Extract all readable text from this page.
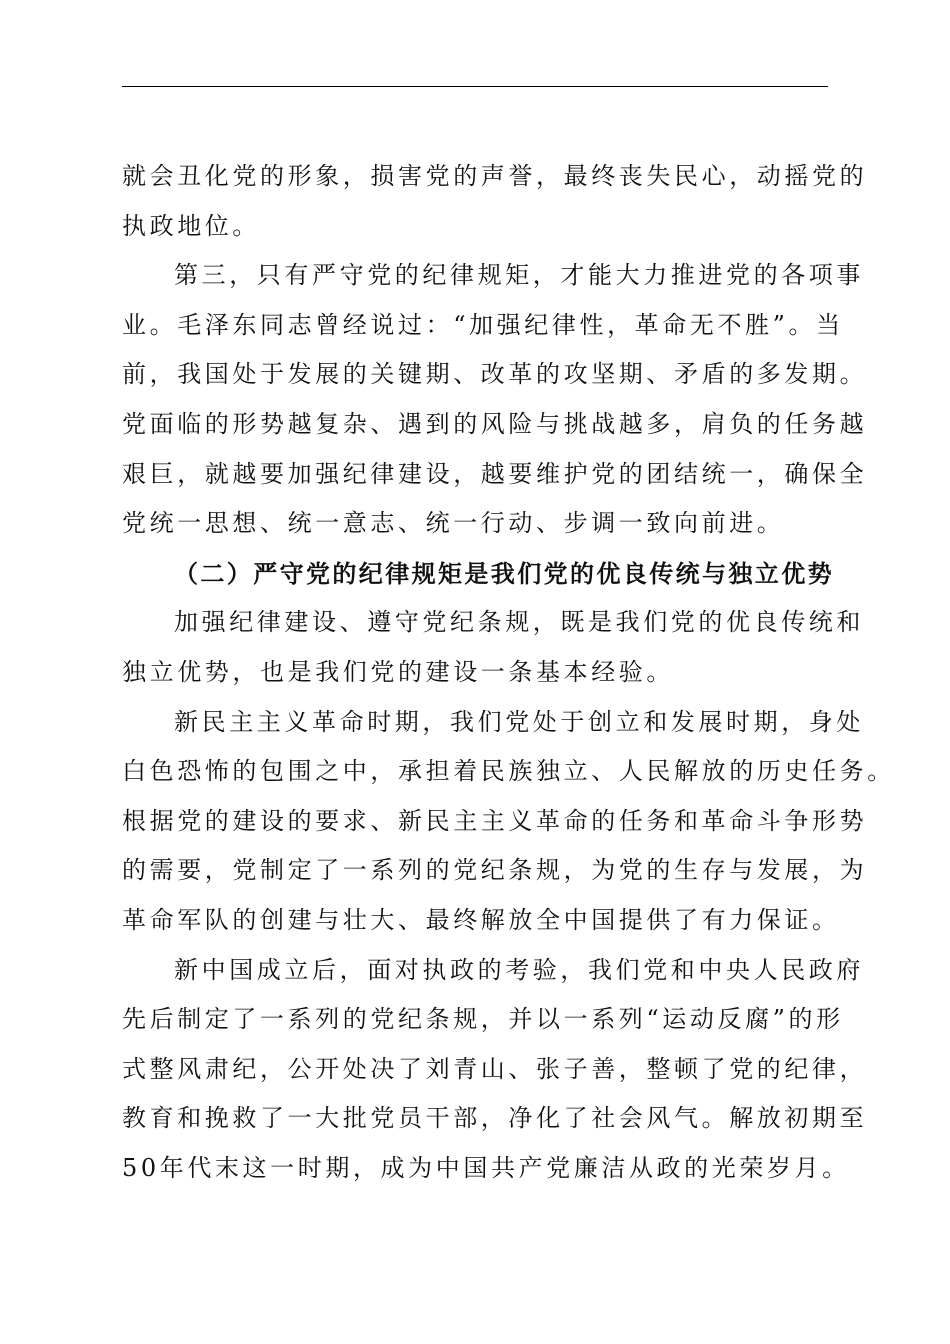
就会丑化党的形象，损害党的声誉，最终丧失民心，动摇党的
执政地位。
第三，只有严守党的纪律规矩，才能大力推进党的各项事
业。毛泽东同志曾经说过：“加强纪律性，革命无不胜”。当
前，我国处于发展的关键期、改革的攻坚期、矛盾的多发期。
党面临的形势越复杂、遇到的风险与挑战越多，肩负的任务越
艰巨，就越要加强纪律建设，越要维护党的团结统一，确保全
党统一思想、统一意志、统一行动、步调一致向前进。
（二）严守党的纪律规矩是我们党的优良传统与独立优势
加强纪律建设、遵守党纪条规，既是我们党的优良传统和
独立优势，也是我们党的建设一条基本经验。
新民主主义革命时期，我们党处于创立和发展时期，身处
白色恐怖的包围之中，承担着民族独立、人民解放的历史任务。
根据党的建设的要求、新民主主义革命的任务和革命斗争形势
的需要，党制定了一系列的党纪条规，为党的生存与发展，为
革命军队的创建与壮大、最终解放全中国提供了有力保证。
新中国成立后，面对执政的考验，我们党和中央人民政府
先后制定了一系列的党纪条规，并以一系列“运动反腐”的形
式整风肃纪，公开处决了刘青山、张子善，整顿了党的纪律，
教育和挽救了一大批党员干部，净化了社会风气。解放初期至
50年代末这一时期，成为中国共产党廉洁从政的光荣岁月。
